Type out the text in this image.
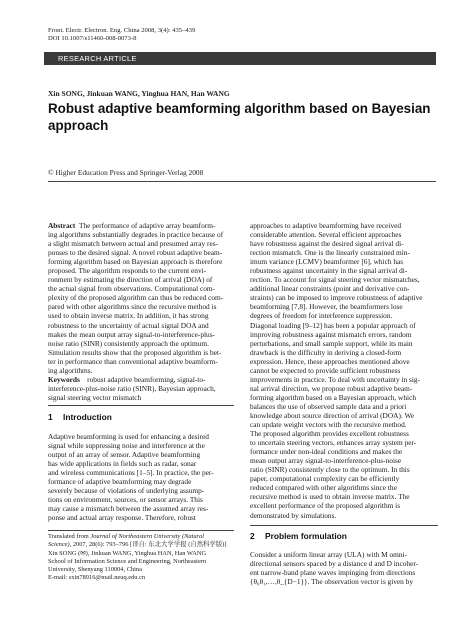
Front. Electr. Electron. Eng. China 2008, 3(4): 435–439
DOI 10.1007/s11460-008-0073-8
RESEARCH ARTICLE
Xin SONG, Jinkuan WANG, Yinghua HAN, Han WANG
Robust adaptive beamforming algorithm based on Bayesian
approach
© Higher Education Press and Springer-Verlag 2008

Abstract The performance of adaptive array beamform-

ing algorithms substantially degrades in practice because of

a slight mismatch between actual and presumed array res-

ponses to the desired signal. A novel robust adaptive beam-

forming algorithm based on Bayesian approach is therefore

proposed. The algorithm responds to the current envi-

ronment by estimating the direction of arrival (DOA) of

the actual signal from observations. Computational com-

plexity of the proposed algorithm can thus be reduced com-

pared with other algorithms since the recursive method is

used to obtain inverse matrix. In addition, it has strong

robustness to the uncertainty of actual signal DOA and

makes the mean output array signal-to-interference-plus-

noise ratio (SINR) consistently approach the optimum.

Simulation results show that the proposed algorithm is bet-

ter in performance than conventional adaptive beamform-

ing algorithms.

Keywords robust adaptive beamforming, signal-to-

interference-plus-noise ratio (SINR), Bayesian approach,

signal steering vector mismatch

1 Introduction

Adaptive beamforming is used for enhancing a desired

signal while suppressing noise and interference at the

output of an array of sensor. Adaptive beamforming

has wide applications in fields such as radar, sonar

and wireless communications [1–5]. In practice, the per-

formance of adaptive beamforming may degrade

severely because of violations of underlying assump-

tions on environment, sources, or sensor arrays. This

may cause a mismatch between the assumed array res-

ponse and actual array response. Therefore, robust

Translated from Journal of Northeastern University (Natural
Science), 2007, 28(6): 793–796 [译自: 东北大学学报 (自然科学版)]
Xin SONG (✉), Jinkuan WANG, Yinghua HAN, Han WANG
School of Information Science and Engineering, Northeastern
University, Shenyang 110004, China
E-mail: sxin78916@mail.neuq.edu.cn

approaches to adaptive beamforming have received

considerable attention. Several efficient approaches

have robustness against the desired signal arrival di-

rection mismatch. One is the linearly constrained min-

imum variance (LCMV) beamformer [6], which has

robustness against uncertainty in the signal arrival di-

rection. To account for signal steering vector mismatches,

additional linear constraints (point and derivative con-

straints) can be imposed to improve robustness of adaptive

beamforming [7,8]. However, the beamformers lose

degrees of freedom for interference suppression.

Diagonal loading [9–12] has been a popular approach of

improving robustness against mismatch errors, random

perturbations, and small sample support, while its main

drawback is the difficulty in deriving a closed-form

expression. Hence, these approaches mentioned above

cannot be expected to provide sufficient robustness

improvements in practice. To deal with uncertainty in sig-

nal arrival direction, we propose robust adaptive beam-

forming algorithm based on a Bayesian approach, which

balances the use of observed sample data and a priori

knowledge about source direction of arrival (DOA). We

can update weight vectors with the recursive method.

The proposed algorithm provides excellent robustness

to uncertain steering vectors, enhances array system per-

formance under non-ideal conditions and makes the

mean output array signal-to-interference-plus-noise

ratio (SINR) consistently close to the optimum. In this

paper, computational complexity can be efficiently

reduced compared with other algorithms since the

recursive method is used to obtain inverse matrix. The

excellent performance of the proposed algorithm is

demonstrated by simulations.

2 Problem formulation

Consider a uniform linear array (ULA) with M omni-

directional sensors spaced by a distance d and D incoher-

ent narrow-band plane waves impinging from directions

{θ₀θ₁,…,θ_{D−1}}. The observation vector is given by
